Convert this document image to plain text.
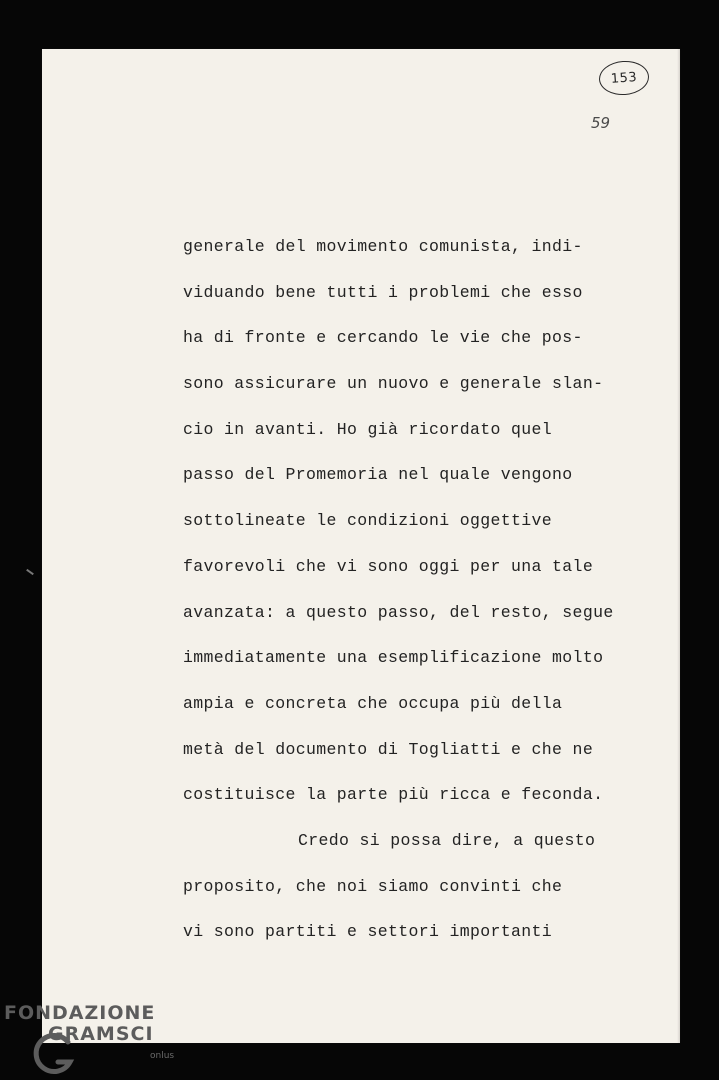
153
59
generale del movimento comunista, indi-
viduando bene tutti i problemi che esso
ha di fronte e cercando le vie che pos-
sono assicurare un nuovo e generale slan-
cio in avanti. Ho già ricordato quel
passo del Promemoria nel quale vengono
sottolineate le condizioni oggettive
favorevoli che vi sono oggi per una tale
avanzata: a questo passo, del resto, segue
immediatamente una esemplificazione molto
ampia e concreta che occupa più della
metà del documento di Togliatti e che ne
costituisce la parte più ricca e feconda.
Credo si possa dire, a questo
proposito, che noi siamo convinti che
vi sono partiti e settori importanti
FONDAZIONE
GRAMSCI
onlus
